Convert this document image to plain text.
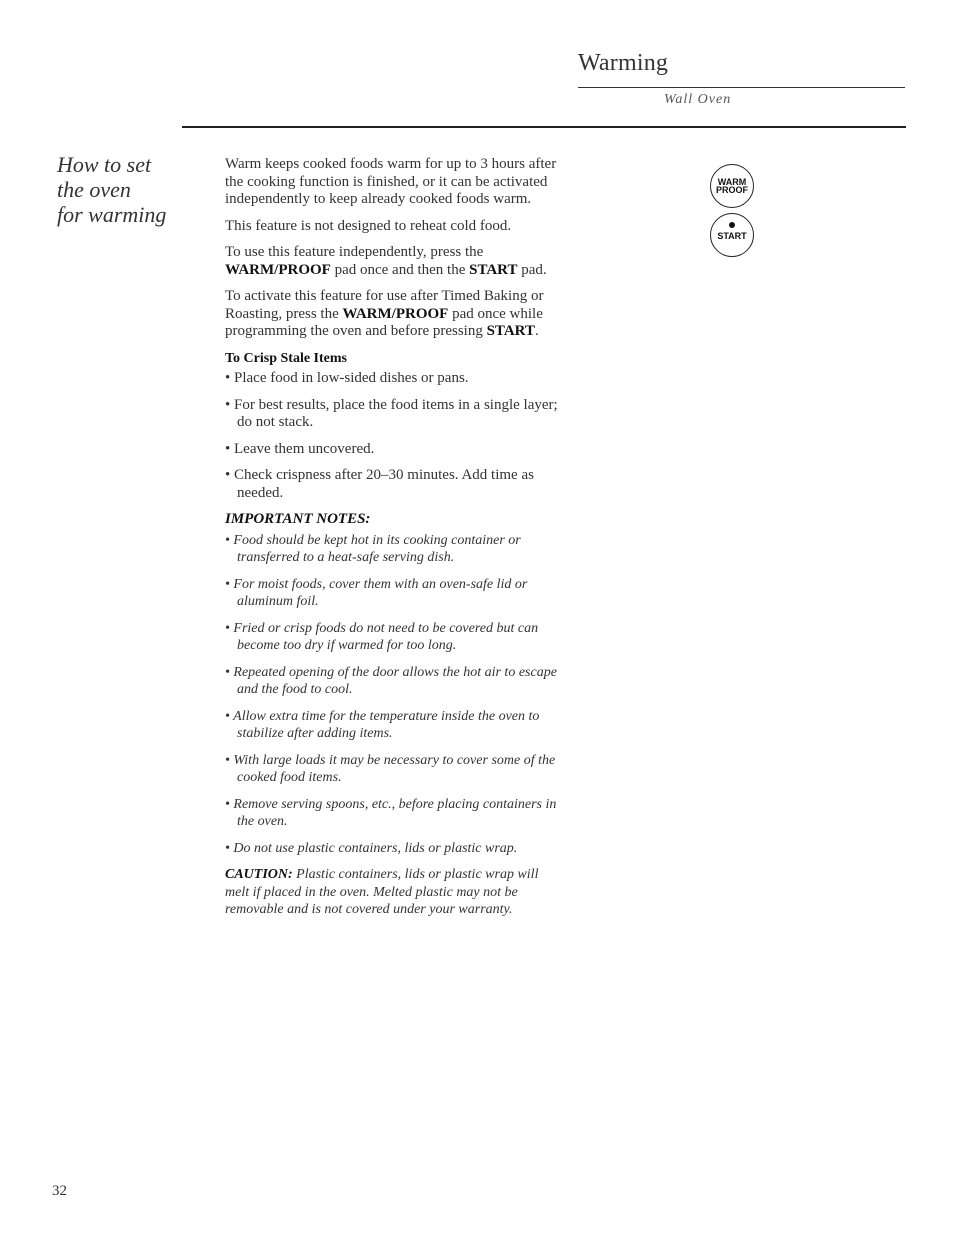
Warming
Wall Oven
How to set
the oven
for warming

Warm keeps cooked foods warm for up to 3 hours after the cooking function is finished, or it can be activated independently to keep already cooked foods warm.

This feature is not designed to reheat cold food.

To use this feature independently, press the WARM/PROOF pad once and then the START pad.

To activate this feature for use after Timed Baking or Roasting, press the WARM/PROOF pad once while programming the oven and before pressing START.

To Crisp Stale Items
• Place food in low-sided dishes or pans.
• For best results, place the food items in a single layer; do not stack.
• Leave them uncovered.
• Check crispness after 20–30 minutes. Add time as needed.
IMPORTANT NOTES:
• Food should be kept hot in its cooking container or transferred to a heat-safe serving dish.
• For moist foods, cover them with an oven-safe lid or aluminum foil.
• Fried or crisp foods do not need to be covered but can become too dry if warmed for too long.
• Repeated opening of the door allows the hot air to escape and the food to cool.
• Allow extra time for the temperature inside the oven to stabilize after adding items.
• With large loads it may be necessary to cover some of the cooked food items.
• Remove serving spoons, etc., before placing containers in the oven.
• Do not use plastic containers, lids or plastic wrap.

CAUTION: Plastic containers, lids or plastic wrap will melt if placed in the oven. Melted plastic may not be removable and is not covered under your warranty.

WARM
PROOF
START
32
